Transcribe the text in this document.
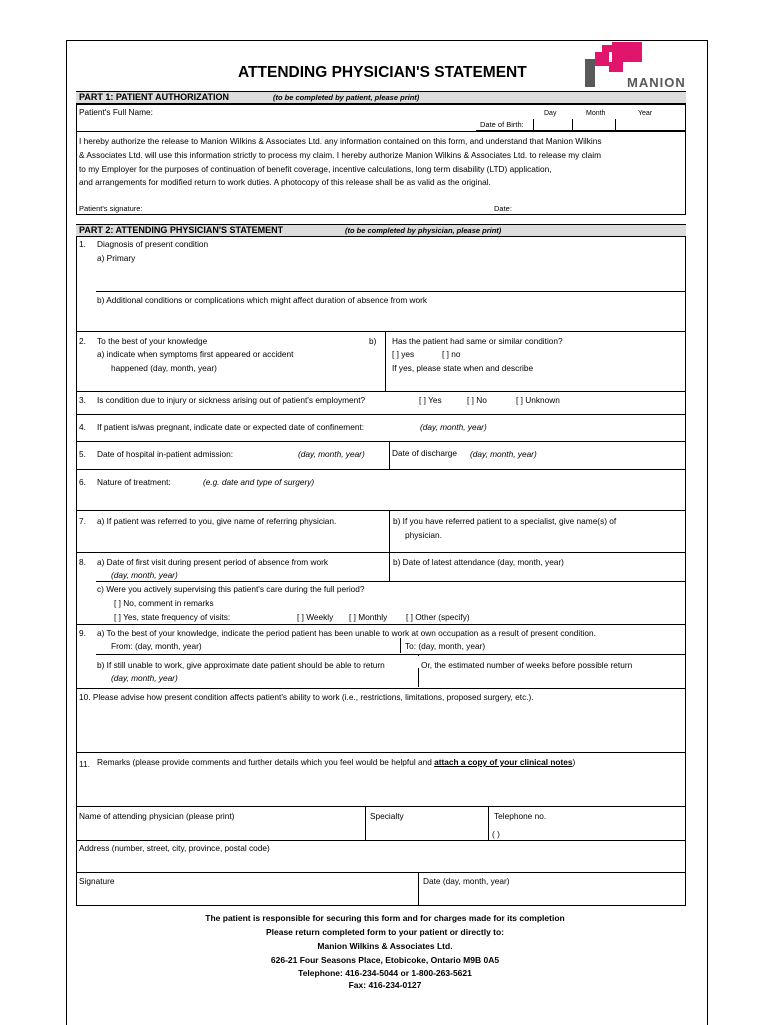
ATTENDING PHYSICIAN'S STATEMENT
MANION
PART 1: PATIENT AUTHORIZATION	(to be completed by patient, please print)
Patient's Full Name:	Day	Month	Year
Date of Birth:
I hereby authorize the release to Manion Wilkins & Associates Ltd. any information contained on this form, and understand that Manion Wilkins
& Associates Ltd. will use this information strictly to process my claim. I hereby authorize Manion Wilkins & Associates Ltd. to release my claim
to my Employer for the purposes of continuation of benefit coverage, incentive calculations, long term disability (LTD) application,
and arrangements for modified return to work duties. A photocopy of this release shall be as valid as the original.
Patient's signature:	Date:
PART 2: ATTENDING PHYSICIAN'S STATEMENT	(to be completed by physician, please print)
1. Diagnosis of present condition
a) Primary
b) Additional conditions or complications which might affect duration of absence from work
2. To the best of your knowledge
a) indicate when symptoms first appeared or accident
happened (day, month, year)
b) Has the patient had same or similar condition?
[ ] yes	[ ] no
If yes, please state when and describe
3. Is condition due to injury or sickness arising out of patient's employment?	[ ] Yes	[ ] No	[ ] Unknown
4. If patient is/was pregnant, indicate date or expected date of confinement:	(day, month, year)
5. Date of hospital in-patient admission:	(day, month, year)	Date of discharge (day, month, year)
6. Nature of treatment:	(e.g. date and type of surgery)
7. a) If patient was referred to you, give name of referring physician.	b) If you have referred patient to a specialist, give name(s) of
physician.
8. a) Date of first visit during present period of absence from work
(day, month, year)
b) Date of latest attendance (day, month, year)
c) Were you actively supervising this patient's care during the full period?
[ ] No, comment in remarks
[ ] Yes, state frequency of visits:	[ ] Weekly [ ] Monthly [ ] Other (specify)
9. a) To the best of your knowledge, indicate the period patient has been unable to work at own occupation as a result of present condition.
From: (day, month, year)	To: (day, month, year)
b) If still unable to work, give approximate date patient should be able to return
(day, month, year)
Or, the estimated number of weeks before possible return
10. Please advise how present condition affects patient's ability to work (i.e., restrictions, limitations, proposed surgery, etc.).
11. Remarks (please provide comments and further details which you feel would be helpful and attach a copy of your clinical notes)
Name of attending physician (please print)	Specialty	Telephone no.
( )
Address (number, street, city, province, postal code)
Signature	Date (day, month, year)
The patient is responsible for securing this form and for charges made for its completion
Please return completed form to your patient or directly to:
Manion Wilkins & Associates Ltd.
626-21 Four Seasons Place, Etobicoke, Ontario M9B 0A5
Telephone: 416-234-5044 or 1-800-263-5621
Fax: 416-234-0127
